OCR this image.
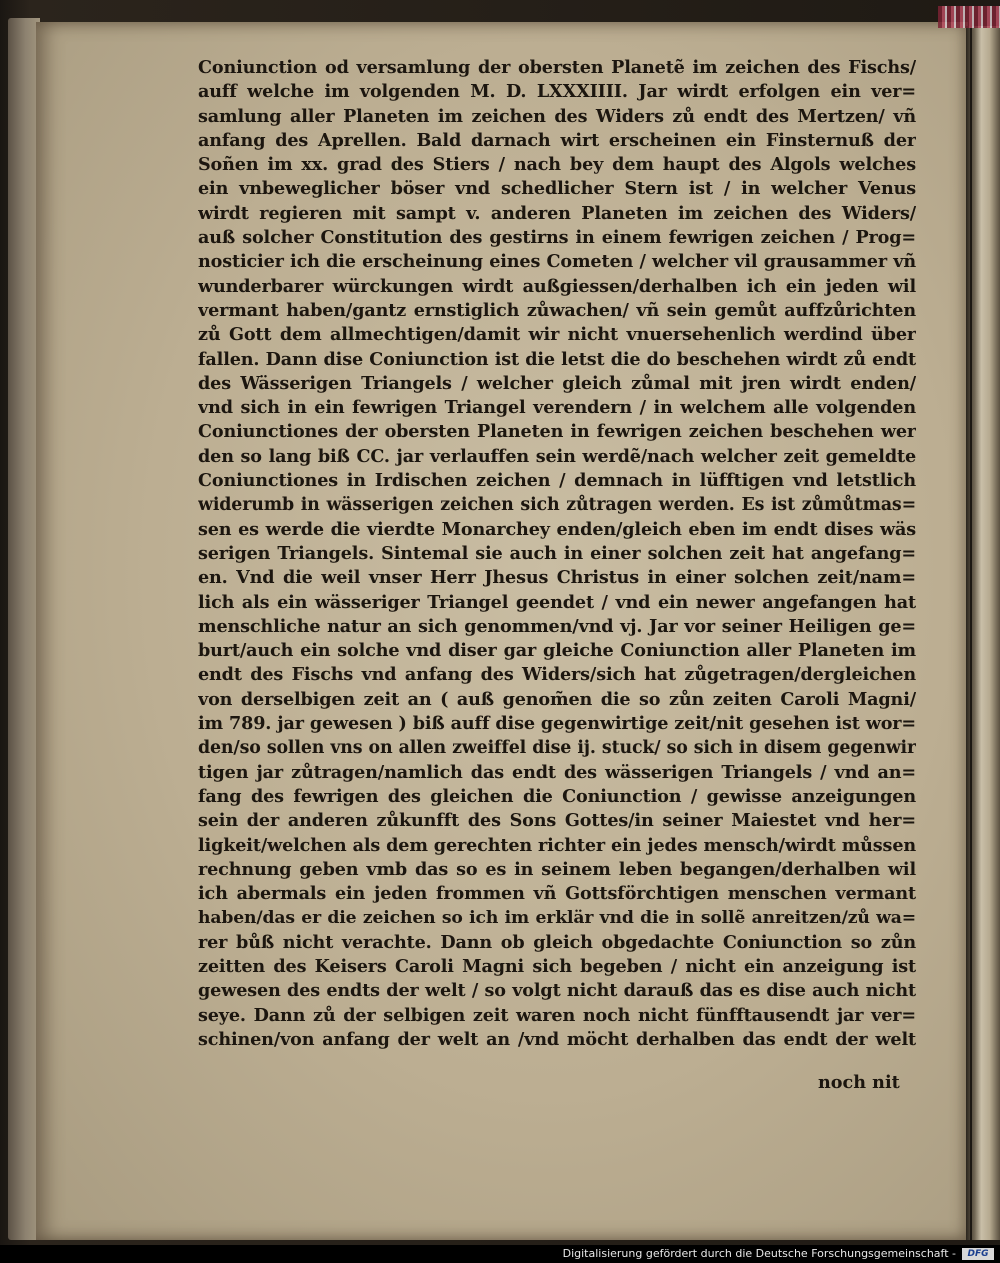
Coniunction od versamlung der obersten Planetẽ im zeichen des Fischs/
auff welche im volgenden M. D. LXXXIIII. Jar wirdt erfolgen ein ver=
samlung aller Planeten im zeichen des Widers zů endt des Mertzen/ vñ
anfang des Aprellen. Bald darnach wirt erscheinen ein Finsternuß der
Soñen im xx. grad des Stiers / nach bey dem haupt des Algols welches
ein vnbeweglicher böser vnd schedlicher Stern ist / in welcher Venus
wirdt regieren mit sampt v. anderen Planeten im zeichen des Widers/
auß solcher Constitution des gestirns in einem fewrigen zeichen / Prog=
nosticier ich die erscheinung eines Cometen / welcher vil grausammer vñ
wunderbarer würckungen wirdt außgiessen/derhalben ich ein jeden wil
vermant haben/gantz ernstiglich zůwachen/ vñ sein gemůt auffzůrichten
zů Gott dem allmechtigen/damit wir nicht vnuersehenlich werdind über
fallen. Dann dise Coniunction ist die letst die do beschehen wirdt zů endt
des Wässerigen Triangels / welcher gleich zůmal mit jren wirdt enden/
vnd sich in ein fewrigen Triangel verendern / in welchem alle volgenden
Coniunctiones der obersten Planeten in fewrigen zeichen beschehen wer
den so lang biß CC. jar verlauffen sein werdẽ/nach welcher zeit gemeldte
Coniunctiones in Irdischen zeichen / demnach in lüfftigen vnd letstlich
widerumb in wässerigen zeichen sich zůtragen werden. Es ist zůmůtmas=
sen es werde die vierdte Monarchey enden/gleich eben im endt dises wäs
serigen Triangels. Sintemal sie auch in einer solchen zeit hat angefang=
en. Vnd die weil vnser Herr Jhesus Christus in einer solchen zeit/nam=
lich als ein wässeriger Triangel geendet / vnd ein newer angefangen hat
menschliche natur an sich genommen/vnd vj. Jar vor seiner Heiligen ge=
burt/auch ein solche vnd diser gar gleiche Coniunction aller Planeten im
endt des Fischs vnd anfang des Widers/sich hat zůgetragen/dergleichen
von derselbigen zeit an ( auß genom̃en die so zůn zeiten Caroli Magni/
im 789. jar gewesen ) biß auff dise gegenwirtige zeit/nit gesehen ist wor=
den/so sollen vns on allen zweiffel dise ij. stuck/ so sich in disem gegenwir
tigen jar zůtragen/namlich das endt des wässerigen Triangels / vnd an=
fang des fewrigen des gleichen die Coniunction / gewisse anzeigungen
sein der anderen zůkunfft des Sons Gottes/in seiner Maiestet vnd her=
ligkeit/welchen als dem gerechten richter ein jedes mensch/wirdt můssen
rechnung geben vmb das so es in seinem leben begangen/derhalben wil
ich abermals ein jeden frommen vñ Gottsförchtigen menschen vermant
haben/das er die zeichen so ich im erklär vnd die in sollẽ anreitzen/zů wa=
rer bůß nicht verachte. Dann ob gleich obgedachte Coniunction so zůn
zeitten des Keisers Caroli Magni sich begeben / nicht ein anzeigung ist
gewesen des endts der welt / so volgt nicht darauß das es dise auch nicht
seye. Dann zů der selbigen zeit waren noch nicht fünfftausendt jar ver=
schinen/von anfang der welt an /vnd möcht derhalben das endt der welt
noch nit
Digitalisierung gefördert durch die Deutsche Forschungsgemeinschaft -	DFG
